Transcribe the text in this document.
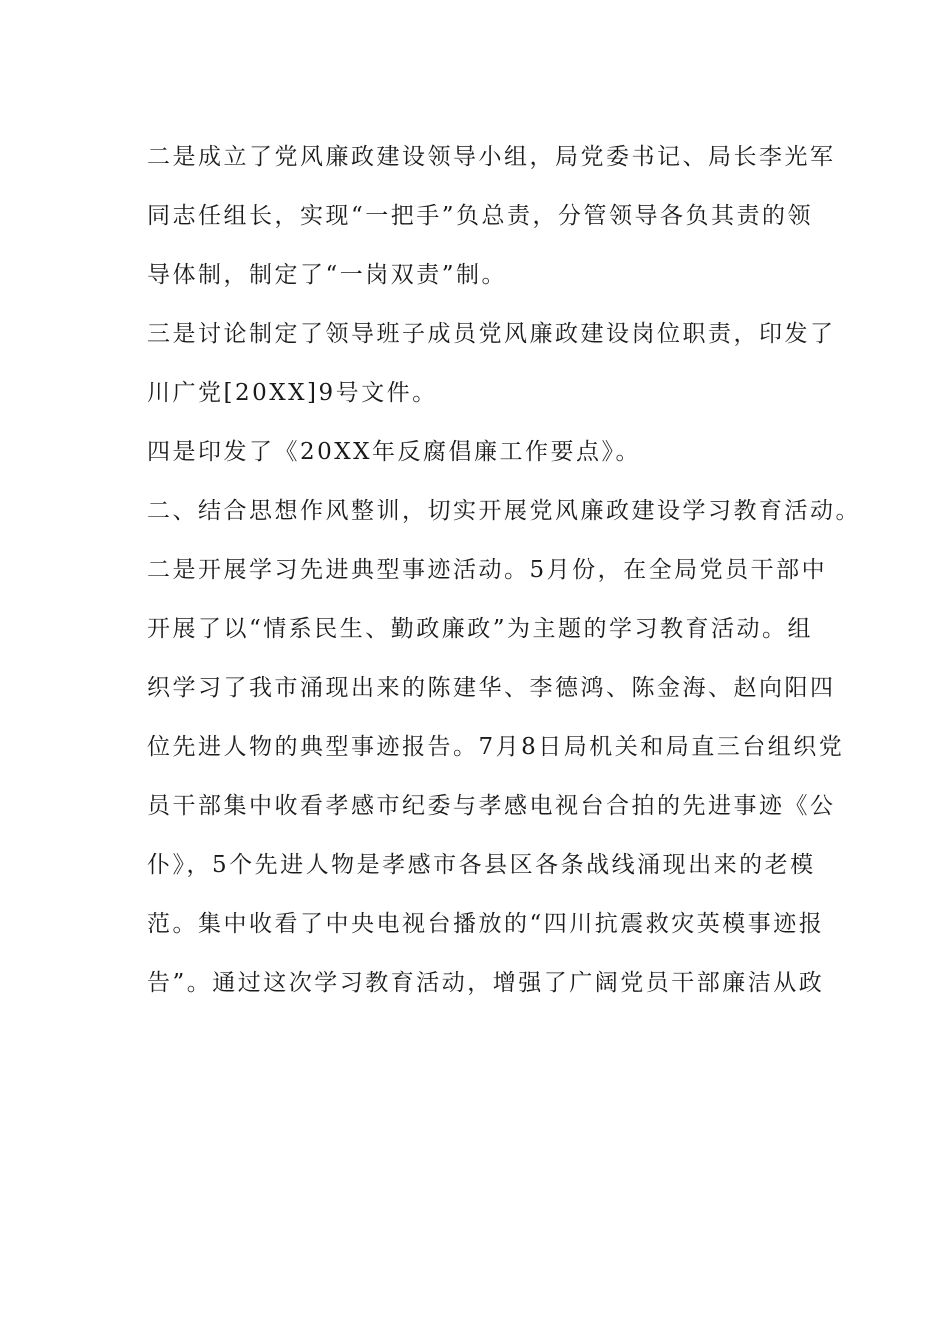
二是成立了党风廉政建设领导小组，局党委书记、局长李光军
同志任组长，实现“一把手”负总责，分管领导各负其责的领
导体制，制定了“一岗双责”制。
三是讨论制定了领导班子成员党风廉政建设岗位职责，印发了
川广党[20XX]9号文件。
四是印发了《20XX年反腐倡廉工作要点》。
二、结合思想作风整训，切实开展党风廉政建设学习教育活动。
二是开展学习先进典型事迹活动。5月份，在全局党员干部中
开展了以“情系民生、勤政廉政”为主题的学习教育活动。组
织学习了我市涌现出来的陈建华、李德鸿、陈金海、赵向阳四
位先进人物的典型事迹报告。7月8日局机关和局直三台组织党
员干部集中收看孝感市纪委与孝感电视台合拍的先进事迹《公
仆》，5个先进人物是孝感市各县区各条战线涌现出来的老模
范。集中收看了中央电视台播放的“四川抗震救灾英模事迹报
告”。通过这次学习教育活动，增强了广阔党员干部廉洁从政
